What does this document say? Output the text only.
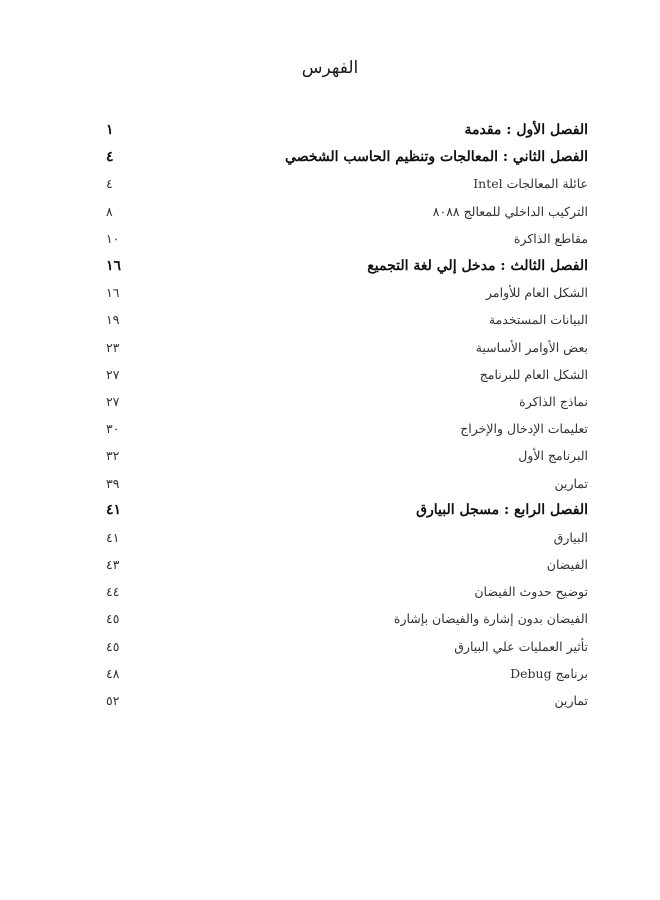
الفهرس
الفصل الأول : مقدمة
١
الفصل الثاني : المعالجات وتنظيم الحاسب الشخصي
٤
عائلة المعالجات Intel
٤
التركيب الداخلي للمعالج ٨٠٨٨
٨
مقاطع الذاكرة
١٠
الفصل الثالث : مدخل إلي لغة التجميع
١٦
الشكل العام للأوامر
١٦
البيانات المستخدمة
١٩
بعض الأوامر الأساسية
٢٣
الشكل العام للبرنامج
٢٧
نماذج الذاكرة
٢٧
تعليمات الإدخال والإخراج
٣٠
البرنامج الأول
٣٢
تمارين
٣٩
الفصل الرابع : مسجل البيارق
٤١
البيارق
٤١
الفيضان
٤٣
توضيح حدوث الفيضان
٤٤
الفيضان بدون إشارة والفيضان بإشارة
٤٥
تأثير العمليات علي البيارق
٤٥
برنامج Debug
٤٨
تمارين
٥٢
